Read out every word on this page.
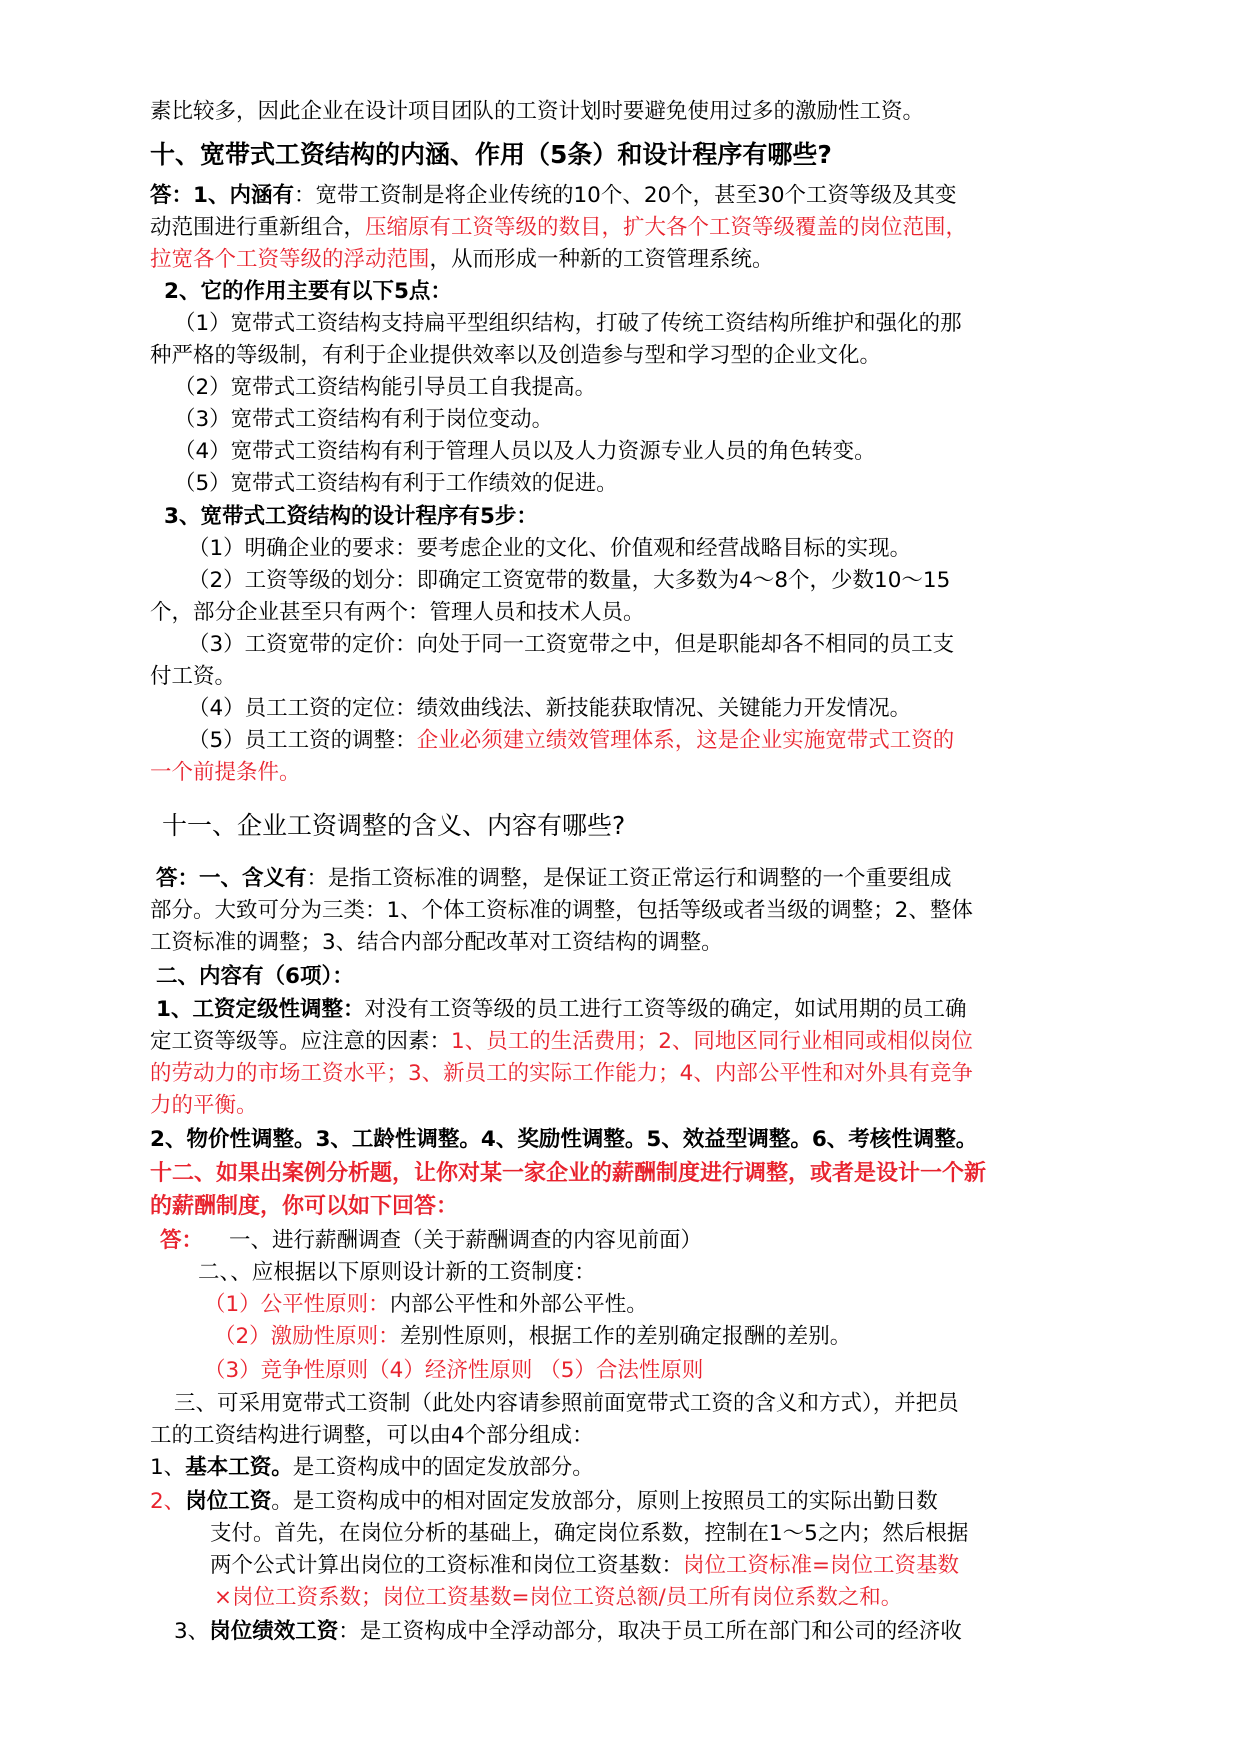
素比较多，因此企业在设计项目团队的工资计划时要避免使用过多的激励性工资。
十、宽带式工资结构的内涵、作用（5条）和设计程序有哪些?
答：1、内涵有：宽带工资制是将企业传统的10个、20个，甚至30个工资等级及其变
动范围进行重新组合，压缩原有工资等级的数目，扩大各个工资等级覆盖的岗位范围，
拉宽各个工资等级的浮动范围，从而形成一种新的工资管理系统。
2、它的作用主要有以下5点：
（1）宽带式工资结构支持扁平型组织结构，打破了传统工资结构所维护和强化的那
种严格的等级制，有利于企业提供效率以及创造参与型和学习型的企业文化。
（2）宽带式工资结构能引导员工自我提高。
（3）宽带式工资结构有利于岗位变动。
（4）宽带式工资结构有利于管理人员以及人力资源专业人员的角色转变。
（5）宽带式工资结构有利于工作绩效的促进。
3、宽带式工资结构的设计程序有5步：
（1）明确企业的要求：要考虑企业的文化、价值观和经营战略目标的实现。
（2）工资等级的划分：即确定工资宽带的数量，大多数为4～8个，少数10～15
个，部分企业甚至只有两个：管理人员和技术人员。
（3）工资宽带的定价：向处于同一工资宽带之中，但是职能却各不相同的员工支
付工资。
（4）员工工资的定位：绩效曲线法、新技能获取情况、关键能力开发情况。
（5）员工工资的调整：企业必须建立绩效管理体系，这是企业实施宽带式工资的
一个前提条件。
十一、企业工资调整的含义、内容有哪些?
答：一、含义有：是指工资标准的调整，是保证工资正常运行和调整的一个重要组成
部分。大致可分为三类：1、个体工资标准的调整，包括等级或者当级的调整；2、整体
工资标准的调整；3、结合内部分配改革对工资结构的调整。
二、内容有（6项）：
1、工资定级性调整：对没有工资等级的员工进行工资等级的确定，如试用期的员工确
定工资等级等。应注意的因素：1、员工的生活费用；2、同地区同行业相同或相似岗位
的劳动力的市场工资水平；3、新员工的实际工作能力；4、内部公平性和对外具有竞争
力的平衡。
2、物价性调整。3、工龄性调整。4、奖励性调整。5、效益型调整。6、考核性调整。
十二、如果出案例分析题，让你对某一家企业的薪酬制度进行调整，或者是设计一个新
的薪酬制度，你可以如下回答：
答： 一、进行薪酬调查（关于薪酬调查的内容见前面）
二、、应根据以下原则设计新的工资制度：
（1）公平性原则：内部公平性和外部公平性。
（2）激励性原则：差别性原则，根据工作的差别确定报酬的差别。
（3）竞争性原则（4）经济性原则 （5）合法性原则
三、可采用宽带式工资制（此处内容请参照前面宽带式工资的含义和方式），并把员
工的工资结构进行调整，可以由4个部分组成：
1、基本工资。是工资构成中的固定发放部分。
2、岗位工资。是工资构成中的相对固定发放部分，原则上按照员工的实际出勤日数
支付。首先，在岗位分析的基础上，确定岗位系数，控制在1～5之内；然后根据
两个公式计算出岗位的工资标准和岗位工资基数：岗位工资标准=岗位工资基数
×岗位工资系数；岗位工资基数=岗位工资总额/员工所有岗位系数之和。
3、岗位绩效工资：是工资构成中全浮动部分，取决于员工所在部门和公司的经济收
